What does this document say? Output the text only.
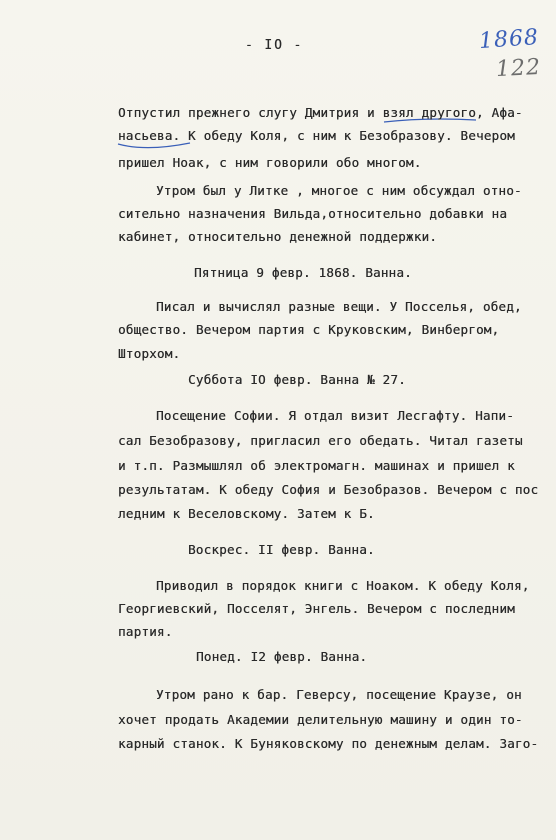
1868
122

- IO -

Отпустил прежнего слугу Дмитрия и взял другого, Афа-

насьева. К обеду Коля, с ним к Безобразову. Вечером

пришел Ноак, с ним говорили обо многом.

Утром был у Литке , многое с ним обсуждал отно-

сительно назначения Вильда,относительно добавки на

кабинет, относительно денежной поддержки.

Пятница 9 февр. 1868. Ванна.

Писал и вычислял разные вещи. У Посселья, обед,

общество. Вечером партия с Круковским, Винбергом,

Шторхом.

Суббота IO февр. Ванна № 27.

Посещение Софии. Я отдал визит Лесгафту. Напи-

сал Безобразову, пригласил его обедать. Читал газеты

и т.п. Размышлял об электромагн. машинах и пришел к

результатам. К обеду София и Безобразов. Вечером с пос

ледним к Веселовскому. Затем к Б.

Воскрес. II февр. Ванна.

Приводил в порядок книги с Ноаком. К обеду Коля,

Георгиевский, Посселят, Энгель. Вечером с последним

партия.

Понед. I2 февр. Ванна.

Утром рано к бар. Геверсу, посещение Краузе, он

хочет продать Академии делительную машину и один то-

карный станок. К Буняковскому по денежным делам. Заго-
